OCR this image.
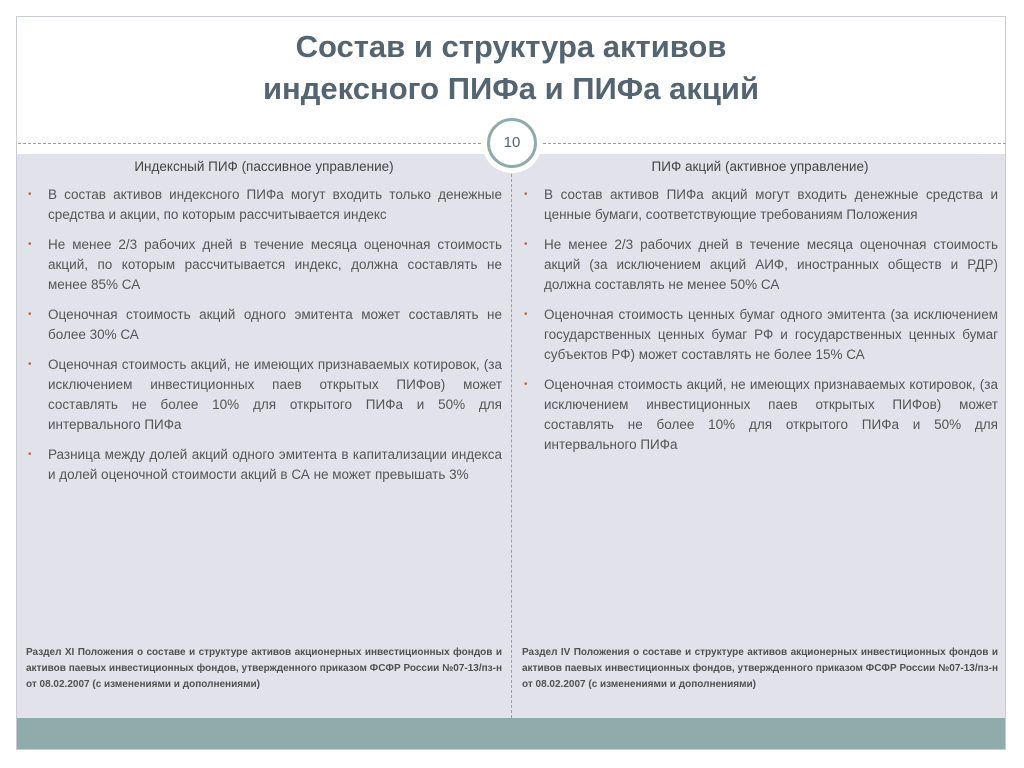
Состав и структура активов
индексного ПИФа и ПИФа акций
10
Индексный ПИФ (пассивное управление)
• В состав активов индексного ПИФа могут входить только денежные средства и акции, по которым рассчитывается индекс
• Не менее 2/3 рабочих дней в течение месяца оценочная стоимость акций, по которым рассчитывается индекс, должна составлять не менее 85% СА
• Оценочная стоимость акций одного эмитента может составлять не более 30% СА
• Оценочная стоимость акций, не имеющих признаваемых котировок, (за исключением инвестиционных паев открытых ПИФов) может составлять не более 10% для открытого ПИФа и 50% для интервального ПИФа
• Разница между долей акций одного эмитента в капитализации индекса и долей оценочной стоимости акций в СА не может превышать 3%
ПИФ акций (активное управление)
• В состав активов ПИФа акций могут входить денежные средства и ценные бумаги, соответствующие требованиям Положения
• Не менее 2/3 рабочих дней в течение месяца оценочная стоимость акций (за исключением акций АИФ, иностранных обществ и РДР) должна составлять не менее 50% СА
• Оценочная стоимость ценных бумаг одного эмитента (за исключением государственных ценных бумаг РФ и государственных ценных бумаг субъектов РФ) может составлять не более 15% СА
• Оценочная стоимость акций, не имеющих признаваемых котировок, (за исключением инвестиционных паев открытых ПИФов) может составлять не более 10% для открытого ПИФа и 50% для интервального ПИФа
Раздел XI Положения о составе и структуре активов акционерных инвестиционных фондов и активов паевых инвестиционных фондов, утвержденного приказом ФСФР России №07-13/пз-н от 08.02.2007 (с изменениями и дополнениями)
Раздел IV Положения о составе и структуре активов акционерных инвестиционных фондов и активов паевых инвестиционных фондов, утвержденного приказом ФСФР России №07-13/пз-н от 08.02.2007 (с изменениями и дополнениями)
